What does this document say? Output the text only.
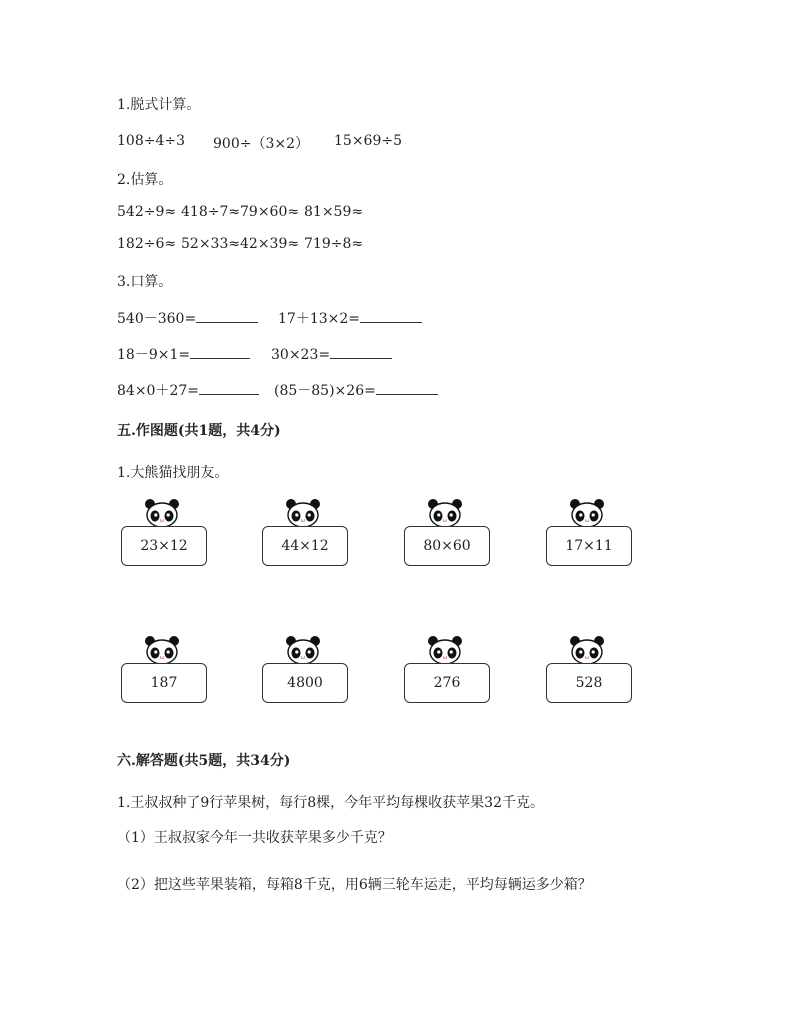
1.脱式计算。
108÷4÷3 900÷（3×2） 15×69÷5
2.估算。
542÷9≈ 418÷7≈ 79×60≈ 81×59≈
182÷6≈ 52×33≈ 42×39≈ 719÷8≈
3.口算。
540－360=	17＋13×2=
18－9×1=	30×23=
84×0＋27=	(85－85)×26=
五.作图题(共1题，共4分)
1.大熊猫找朋友。
ω
23×12
ω
44×12
ω
80×60
ω
17×11
ω
187
ω
4800
ω
276
ω
528
六.解答题(共5题，共34分)
1.王叔叔种了9行苹果树，每行8棵，今年平均每棵收获苹果32千克。
（1）王叔叔家今年一共收获苹果多少千克？
（2）把这些苹果装箱，每箱8千克，用6辆三轮车运走，平均每辆运多少箱？
